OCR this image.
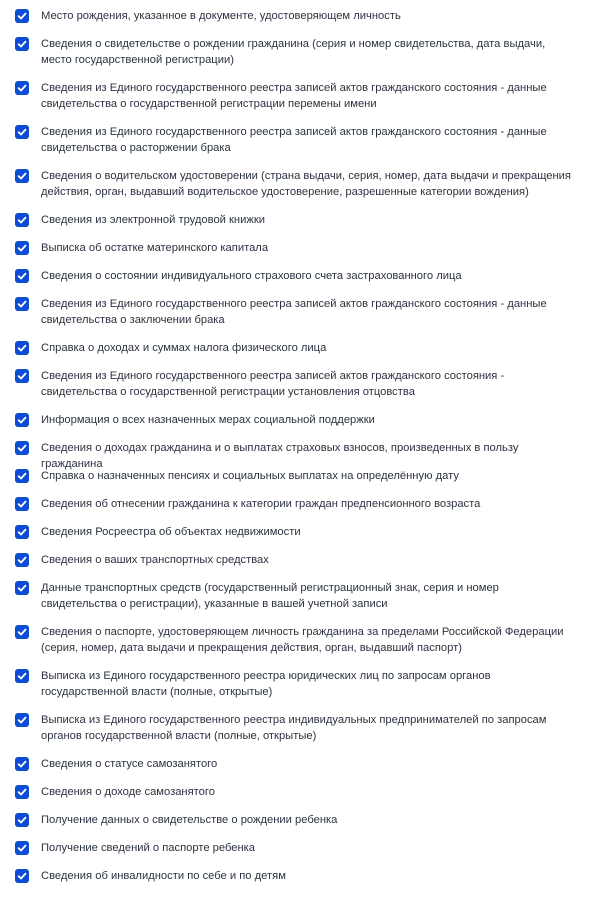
Место рождения, указанное в документе, удостоверяющем личность
Сведения о свидетельстве о рождении гражданина (серия и номер свидетельства, дата выдачи, место государственной регистрации)
Сведения из Единого государственного реестра записей актов гражданского состояния - данные свидетельства о государственной регистрации перемены имени
Сведения из Единого государственного реестра записей актов гражданского состояния - данные свидетельства о расторжении брака
Сведения о водительском удостоверении (страна выдачи, серия, номер, дата выдачи и прекращения действия, орган, выдавший водительское удостоверение, разрешенные категории вождения)
Сведения из электронной трудовой книжки
Выписка об остатке материнского капитала
Сведения о состоянии индивидуального страхового счета застрахованного лица
Сведения из Единого государственного реестра записей актов гражданского состояния - данные свидетельства о заключении брака
Справка о доходах и суммах налога физического лица
Сведения из Единого государственного реестра записей актов гражданского состояния - свидетельства о государственной регистрации установления отцовства
Информация о всех назначенных мерах социальной поддержки
Сведения о доходах гражданина и о выплатах страховых взносов, произведенных в пользу гражданина
Справка о назначенных пенсиях и социальных выплатах на определённую дату
Сведения об отнесении гражданина к категории граждан предпенсионного возраста
Сведения Росреестра об объектах недвижимости
Сведения о ваших транспортных средствах
Данные транспортных средств (государственный регистрационный знак, серия и номер свидетельства о регистрации), указанные в вашей учетной записи
Сведения о паспорте, удостоверяющем личность гражданина за пределами Российской Федерации (серия, номер, дата выдачи и прекращения действия, орган, выдавший паспорт)
Выписка из Единого государственного реестра юридических лиц по запросам органов государственной власти (полные, открытые)
Выписка из Единого государственного реестра индивидуальных предпринимателей по запросам органов государственной власти (полные, открытые)
Сведения о статусе самозанятого
Сведения о доходе самозанятого
Получение данных о свидетельстве о рождении ребенка
Получение сведений о паспорте ребенка
Сведения об инвалидности по себе и по детям
